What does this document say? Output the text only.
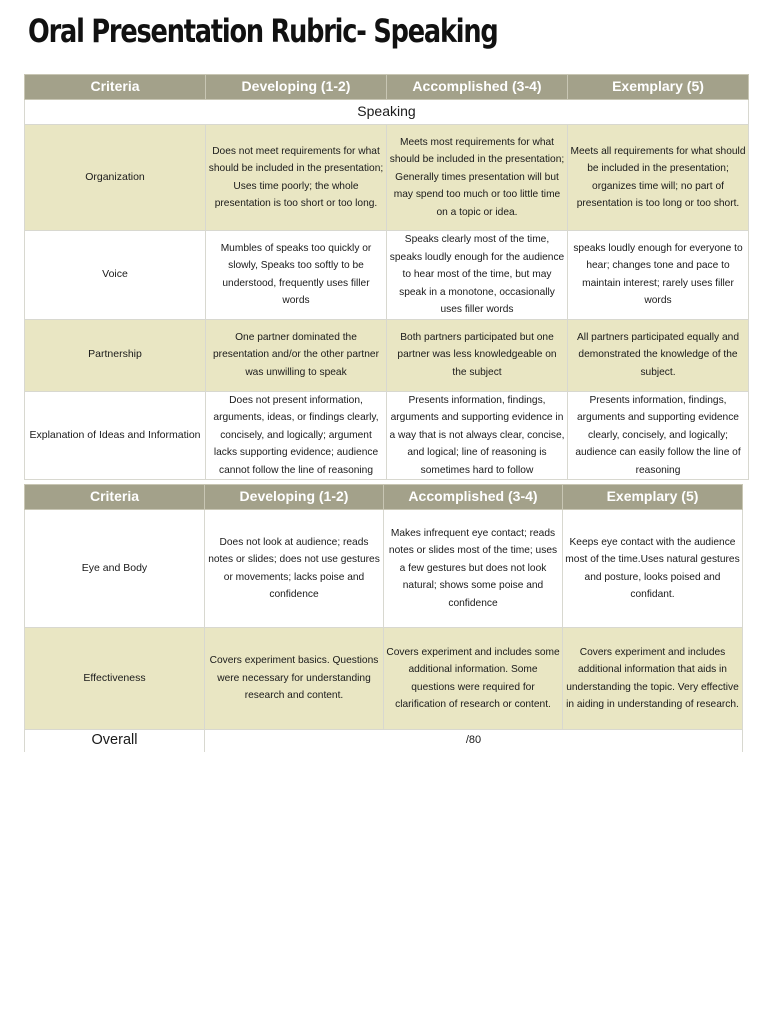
Oral Presentation Rubric- Speaking
Criteria	Developing (1-2)	Accomplished (3-4)	Exemplary (5)
Speaking			
Organization	Does not meet requirements for what should be included in the presentation; Uses time poorly; the whole presentation is too short or too long.	Meets most requirements for what should be included in the presentation; Generally times presentation will but may spend too much or too little time on a topic or idea.	Meets all requirements for what should be included in the presentation; organizes time will; no part of presentation is too long or too short.
Voice	Mumbles of speaks too quickly or slowly, Speaks too softly to be understood, frequently uses filler words	Speaks clearly most of the time, speaks loudly enough for the audience to hear most of the time, but may speak in a monotone, occasionally uses filler words	speaks loudly enough for everyone to hear; changes tone and pace to maintain interest; rarely uses filler words
Partnership	One partner dominated the presentation and/or the other partner was unwilling to speak	Both partners participated but one partner was less knowledgeable on the subject	All partners participated equally and demonstrated the knowledge of the subject.
Explanation of Ideas and Information	Does not present information, arguments, ideas, or findings clearly, concisely, and logically; argument lacks supporting evidence; audience cannot follow the line of reasoning	Presents information, findings, arguments and supporting evidence in a way that is not always clear, concise, and logical; line of reasoning is sometimes hard to follow	Presents information, findings, arguments and supporting evidence clearly, concisely, and logically; audience can easily follow the line of reasoning
Criteria	Developing (1-2)	Accomplished (3-4)	Exemplary (5)
Eye and Body	Does not look at audience; reads notes or slides; does not use gestures or movements; lacks poise and confidence	Makes infrequent eye contact; reads notes or slides most of the time; uses a few gestures but does not look natural; shows some poise and confidence	Keeps eye contact with the audience most of the time.Uses natural gestures and posture, looks poised and confidant.
Effectiveness	Covers experiment basics. Questions were necessary for understanding research and content.	Covers experiment and includes some additional information. Some questions were required for clarification of research or content.	Covers experiment and includes additional information that aids in understanding the topic. Very effective in aiding in understanding of research.
Overall	/80		
